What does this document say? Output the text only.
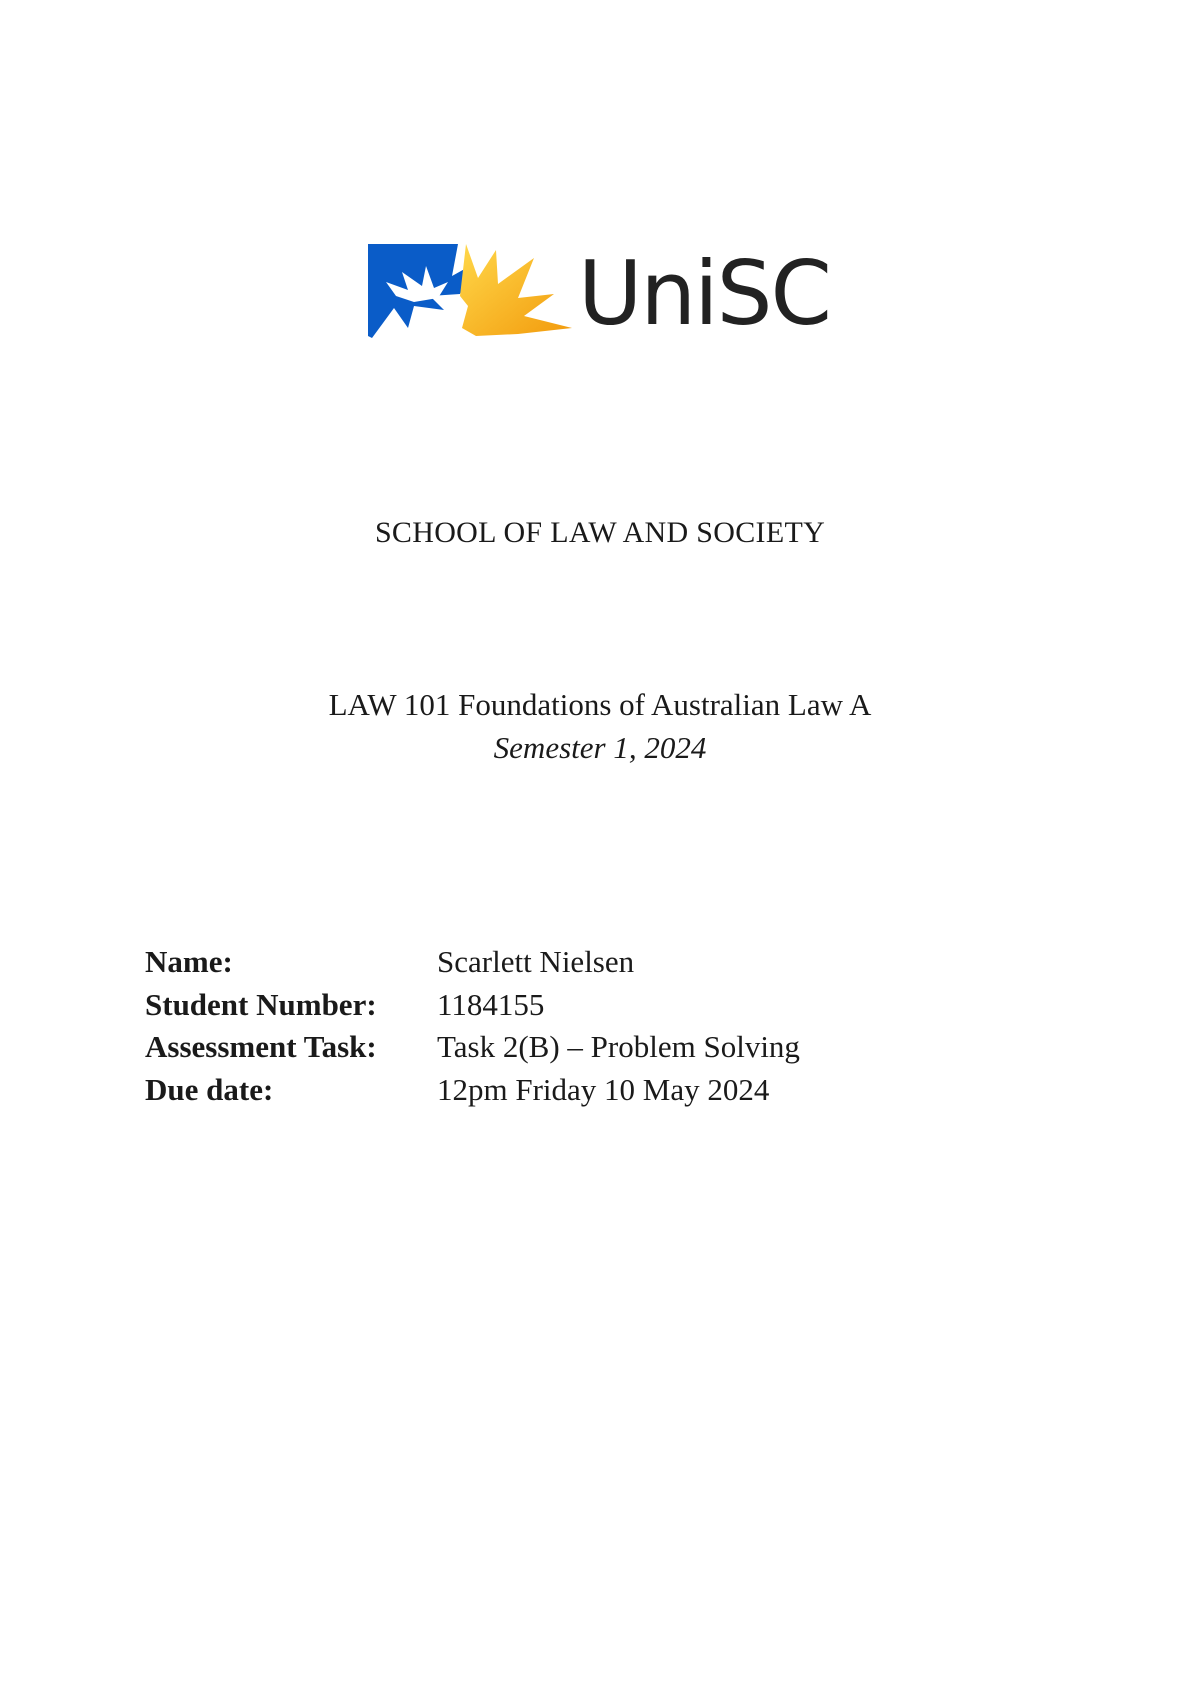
UniSC
SCHOOL OF LAW AND SOCIETY
LAW 101 Foundations of Australian Law A
Semester 1, 2024
Name:	Scarlett Nielsen
Student Number:	1184155
Assessment Task:	Task 2(B) – Problem Solving
Due date:	12pm Friday 10 May 2024
